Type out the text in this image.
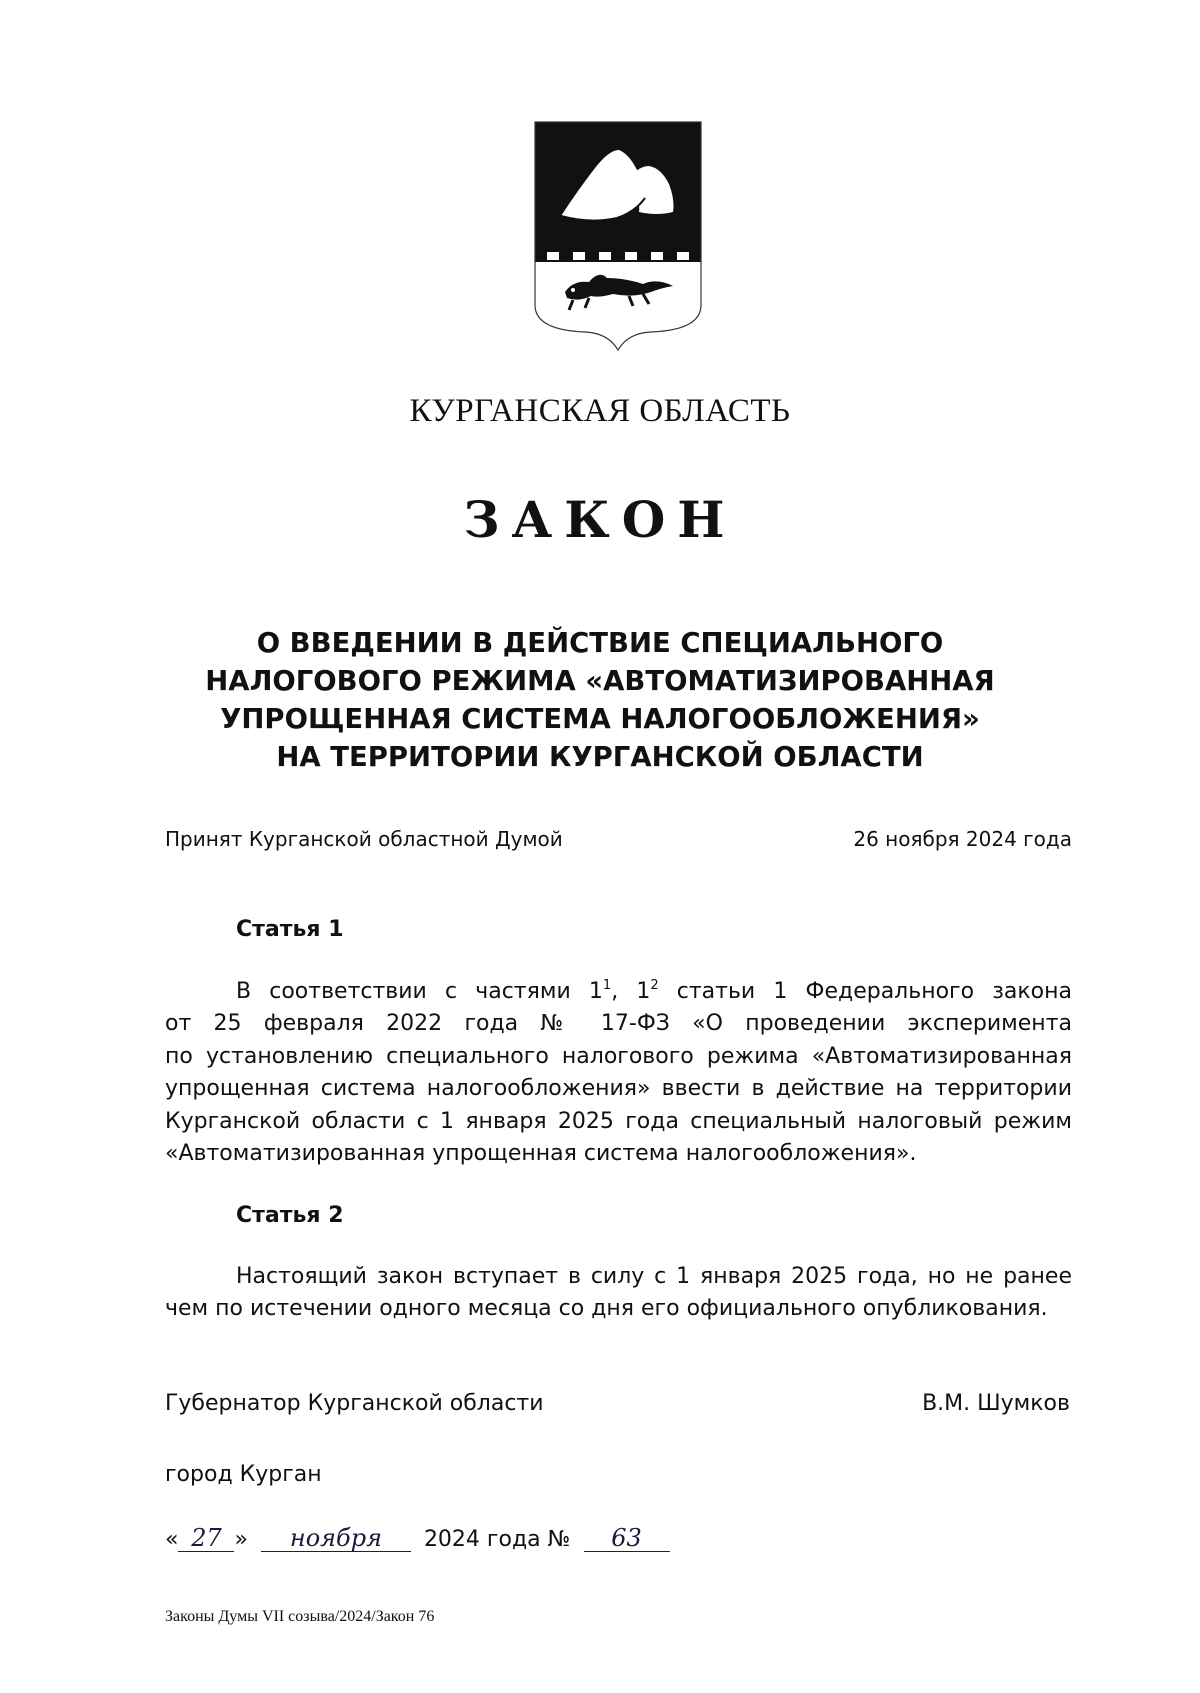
КУРГАНСКАЯ ОБЛАСТЬ
ЗАКОН
О ВВЕДЕНИИ В ДЕЙСТВИЕ СПЕЦИАЛЬНОГО
НАЛОГОВОГО РЕЖИМА «АВТОМАТИЗИРОВАННАЯ
УПРОЩЕННАЯ СИСТЕМА НАЛОГООБЛОЖЕНИЯ»
НА ТЕРРИТОРИИ КУРГАНСКОЙ ОБЛАСТИ
Принят Курганской областной Думой	26 ноября 2024 года
Статья 1
В соответствии с частями $1^1$, $1^2$ статьи 1 Федерального закона
от 25 февраля 2022 года № 17-ФЗ «О проведении эксперимента
по установлению специального налогового режима «Автоматизированная
упрощенная система налогообложения» ввести в действие на территории
Курганской области с 1 января 2025 года специальный налоговый режим
«Автоматизированная упрощенная система налогообложения».
Статья 2
Настоящий закон вступает в силу с 1 января 2025 года, но не ранее
чем по истечении одного месяца со дня его официального опубликования.
Губернатор Курганской области	В.М. Шумков
город Курган
« 27 » ноября 2024 года № 63
Законы Думы VII созыва/2024/Закон 76
